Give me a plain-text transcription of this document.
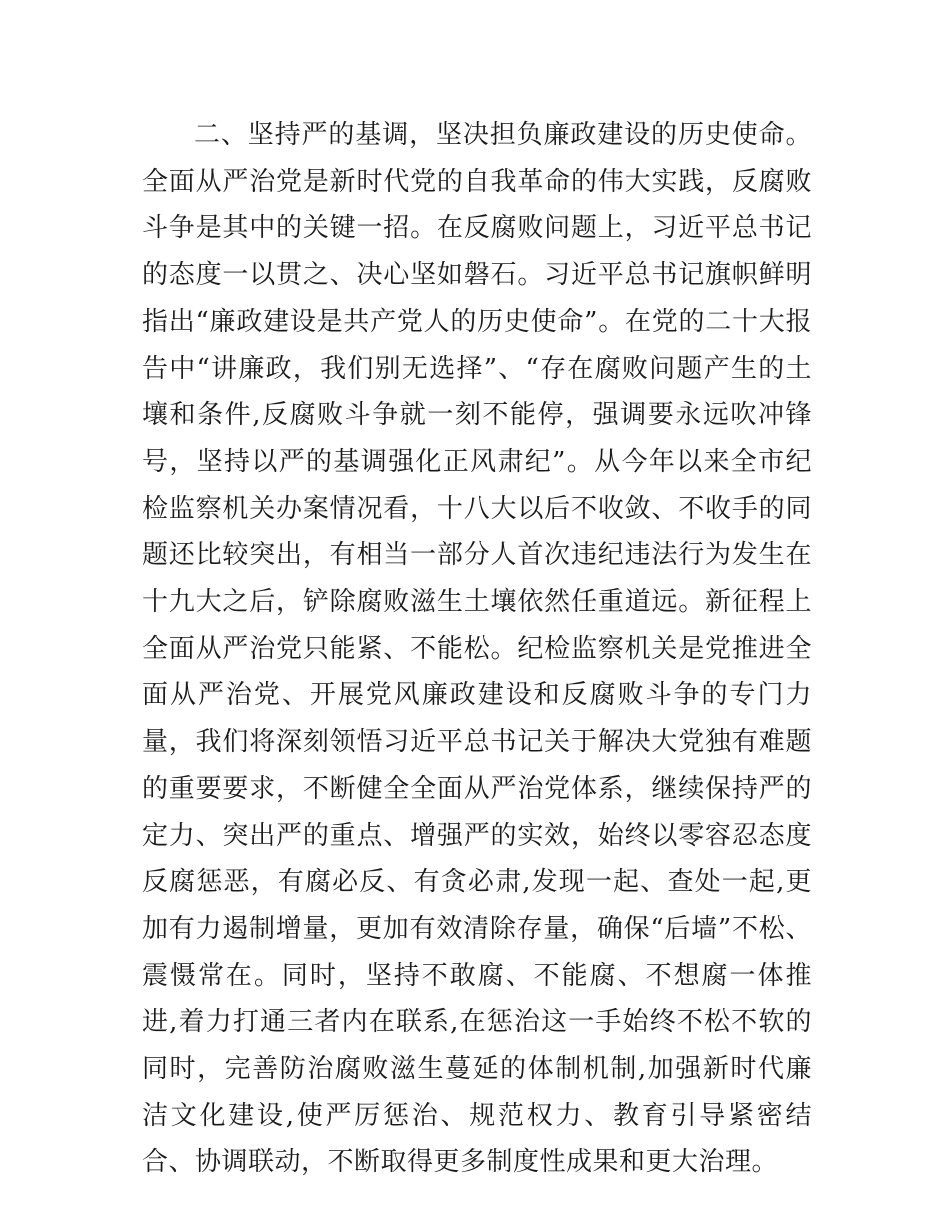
二、坚持严的基调，坚决担负廉政建设的历史使命。全面从严治党是新时代党的自我革命的伟大实践，反腐败斗争是其中的关键一招。在反腐败问题上，习近平总书记的态度一以贯之、决心坚如磐石。习近平总书记旗帜鲜明指出“廉政建设是共产党人的历史使命”。在党的二十大报告中“讲廉政，我们别无选择”、“存在腐败问题产生的土壤和条件,反腐败斗争就一刻不能停，强调要永远吹冲锋号，坚持以严的基调强化正风肃纪”。从今年以来全市纪检监察机关办案情况看，十八大以后不收敛、不收手的同题还比较突出，有相当一部分人首次违纪违法行为发生在十九大之后，铲除腐败滋生土壤依然任重道远。新征程上全面从严治党只能紧、不能松。纪检监察机关是党推进全面从严治党、开展党风廉政建设和反腐败斗争的专门力量，我们将深刻领悟习近平总书记关于解决大党独有难题的重要要求，不断健全全面从严治党体系，继续保持严的定力、突出严的重点、增强严的实效，始终以零容忍态度反腐惩恶，有腐必反、有贪必肃,发现一起、查处一起,更加有力遏制增量，更加有效清除存量，确保“后墙”不松、震慑常在。同时，坚持不敢腐、不能腐、不想腐一体推进,着力打通三者内在联系,在惩治这一手始终不松不软的同时，完善防治腐败滋生蔓延的体制机制,加强新时代廉洁文化建设,使严厉惩治、规范权力、教育引导紧密结合、协调联动，不断取得更多制度性成果和更大治理。
